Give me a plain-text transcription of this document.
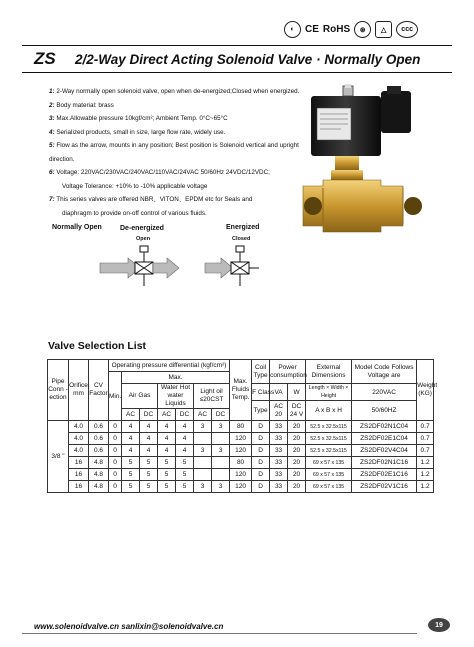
◐	CE RoHS	⊛	△	ccc
ZS 2/2-Way Direct Acting Solenoid Valve · Normally Open
1: 2-Way normally open solenoid valve, open when de-energized;Closed when energized.
2: Body material: brass
3: Max.Allowable pressure 10kgf/cm²; Ambient Temp. 0°C~65°C
4: Serialized products, small in size, large flow rate, widely use.
5: Flow as the arrow, mounts in any position; Best position is Solenoid vertical and upright direction.
6: Voltage: 220VAC/230VAC/240VAC/110VAC/24VAC 50/60Hz 24VDC/12VDC;
Voltage Tolerance: +10% to -10% applicable voltage
7: This series valves are offered NBR、VITON、EPDM etc for Seals and
diaphragm to provide on-off control of various fluids.
Normally Open	De-energized
Open
Energized
Closed
Valve Selection List
Pipe Conn -ection	Orifice mm	CV Factor	Operating pressure differential (kgf/cm²)							Max. Fluids Temp.	Coil Type	Power consumption		External Dimensions	Model Code Follows Voltage are	Weight (KG)
			Min.	Max.												
				Air Gas		Water Hot water Liquids		Light oil ≤20CST			F Class	VA	W	Length × Width × Height	220VAC	
											Type	AC 20	DC 24 V	A x B x H	50/60HZ	
				AC	DC	AC	DC	AC	DC							
3/8 "	4.0	0.6	0	4	4	4	4	3	3	80	D	33	20	52.5 x 32.5x115	ZS2DF02N1C04	0.7
	4.0	0.6	0	4	4	4	4			120	D	33	20	52.5 x 32.5x115	ZS2DF02E1C04	0.7
	4.0	0.6	0	4	4	4	4	3	3	120	D	33	20	52.5 x 32.5x115	ZS2DF02V4C04	0.7
	16	4.8	0	5	5	5	5			80	D	33	20	69 x 57 x 135	ZS2DF02N1C16	1.2
	16	4.8	0	5	5	5	5			120	D	33	20	69 x 57 x 135	ZS2DF02E1C16	1.2
	16	4.8	0	5	5	5	5	3	3	120	D	33	20	69 x 57 x 135	ZS2DF02V1C16	1.2
www.solenoidvalve.cn sanlixin@solenoidvalve.cn	19
